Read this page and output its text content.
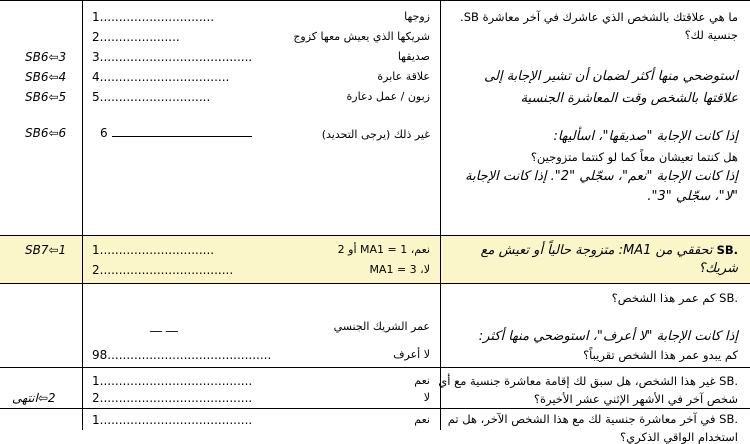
.SB ما هي علاقتك بالشخص الذي عاشرك في آخر معاشرة
جنسية لك؟
استوضحي منها أكثر لضمان أن تشير الإجابة إلى
علاقتها بالشخص وقت المعاشرة الجنسية
إذا كانت الإجابة "صديقها"، اسأليها:
هل كنتما تعيشان معاً كما لو كنتما متزوجين؟
إذا كانت الإجابة "نعم"، سجّلي "2". إذا كانت الإجابة
"لا"، سجّلي "3".
زوجها
1..............................
شريكها الذي يعيش معها كزوج
2.....................
صديقها
3........................................
SB6⇦3
علاقة عابرة
4..................................
SB6⇦4
زبون / عمل دعارة
5.............................
SB6⇦5
غير ذلك (يرجى التحديد)
6
SB6⇦6
.SB تحققي من MA1: متزوجة حالياً أو تعيش مع
شريك؟
نعم، MA1 = 1 أو 2
1..............................
SB7⇦1
لا، MA1 = 3
2...................................
.SB كم عمر هذا الشخص؟
إذا كانت الإجابة "لا أعرف"، استوضحي منها أكثر:
كم يبدو عمر هذا الشخص تقريباً؟
عمر الشريك الجنسي
__ __
لا أعرف
98...........................................
.SB غير هذا الشخص، هل سبق لك إقامة معاشرة جنسية مع أي
شخص آخر في الأشهر الإثني عشر الأخيرة؟
نعم
1........................................
لا
2........................................
2⇦انتهى
.SB في آخر معاشرة جنسية لك مع هذا الشخص الآخر، هل تم
استخدام الواقي الذكري؟
نعم
1........................................
